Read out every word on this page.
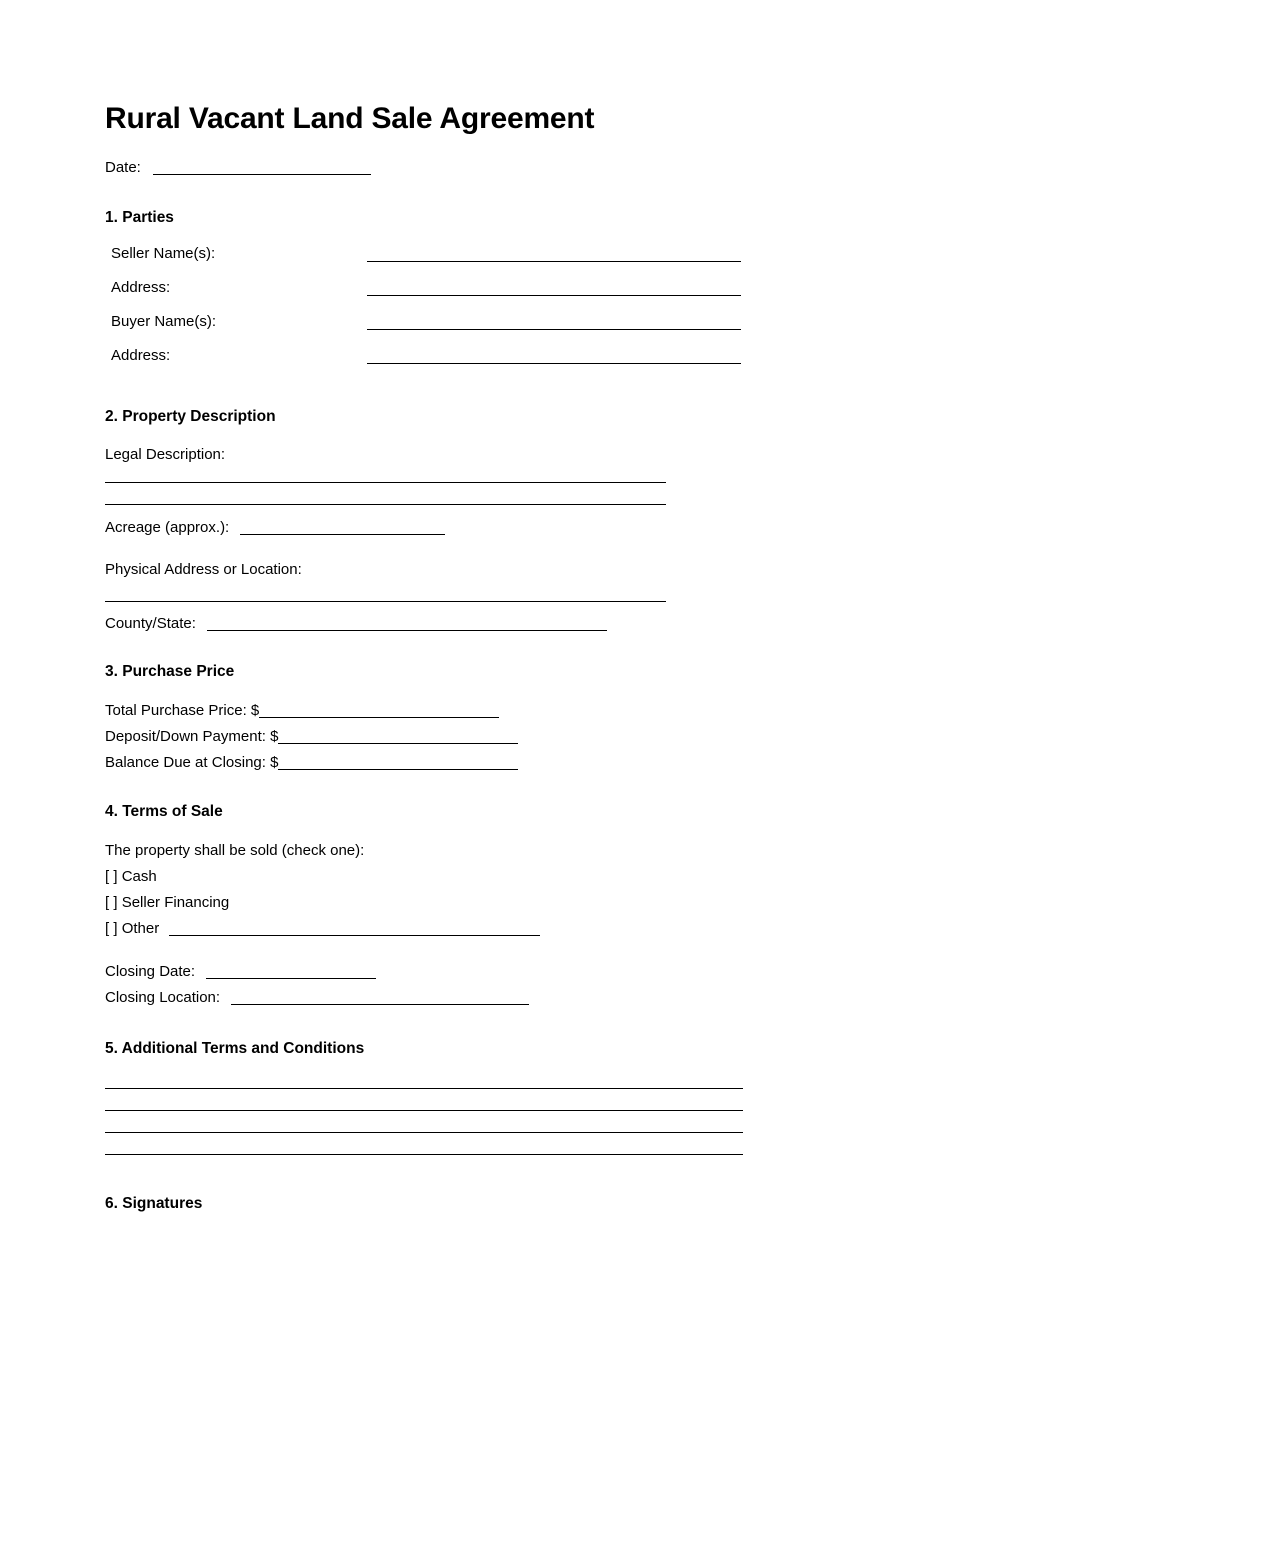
Rural Vacant Land Sale Agreement
Date:
1. Parties
Seller Name(s):
Address:
Buyer Name(s):
Address:
2. Property Description
Legal Description:
Acreage (approx.):
Physical Address or Location:
County/State:
3. Purchase Price
Total Purchase Price: $
Deposit/Down Payment: $
Balance Due at Closing: $
4. Terms of Sale
The property shall be sold (check one):
[ ] Cash
[ ] Seller Financing
[ ] Other
Closing Date:
Closing Location:
5. Additional Terms and Conditions
6. Signatures
